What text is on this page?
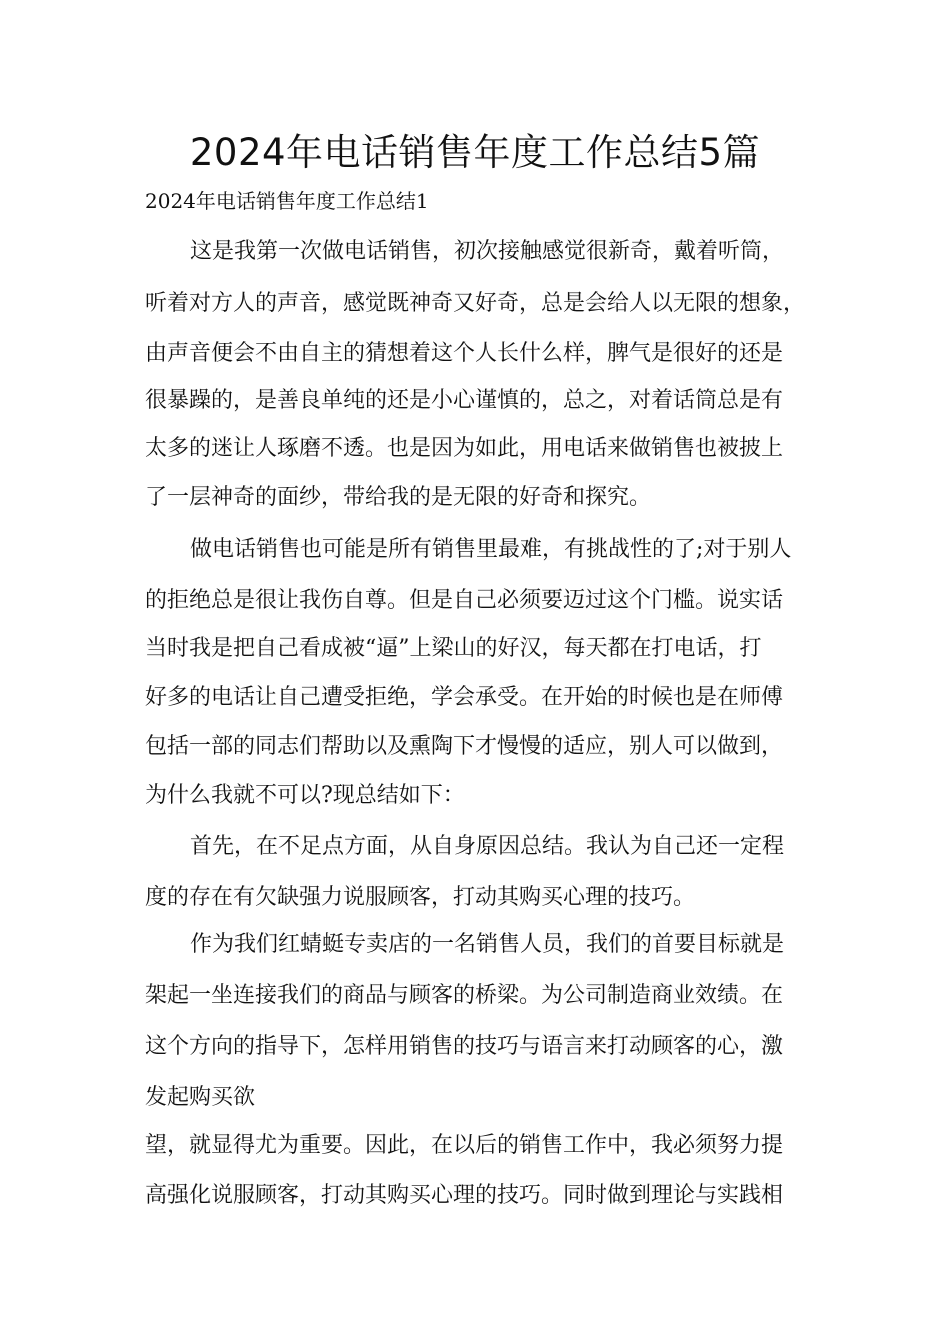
2024年电话销售年度工作总结5篇
2024年电话销售年度工作总结1

这是我第一次做电话销售，初次接触感觉很新奇，戴着听筒，

听着对方人的声音，感觉既神奇又好奇，总是会给人以无限的想象，

由声音便会不由自主的猜想着这个人长什么样，脾气是很好的还是

很暴躁的，是善良单纯的还是小心谨慎的，总之，对着话筒总是有

太多的迷让人琢磨不透。也是因为如此，用电话来做销售也被披上

了一层神奇的面纱，带给我的是无限的好奇和探究。

做电话销售也可能是所有销售里最难，有挑战性的了;对于别人

的拒绝总是很让我伤自尊。但是自己必须要迈过这个门槛。说实话

当时我是把自己看成被“逼”上梁山的好汉，每天都在打电话，打

好多的电话让自己遭受拒绝，学会承受。在开始的时候也是在师傅

包括一部的同志们帮助以及熏陶下才慢慢的适应，别人可以做到，

为什么我就不可以?现总结如下：

首先，在不足点方面，从自身原因总结。我认为自己还一定程

度的存在有欠缺强力说服顾客，打动其购买心理的技巧。

作为我们红蜻蜓专卖店的一名销售人员，我们的首要目标就是

架起一坐连接我们的商品与顾客的桥梁。为公司制造商业效绩。在

这个方向的指导下，怎样用销售的技巧与语言来打动顾客的心，激

发起购买欲

望，就显得尤为重要。因此，在以后的销售工作中，我必须努力提

高强化说服顾客，打动其购买心理的技巧。同时做到理论与实践相
